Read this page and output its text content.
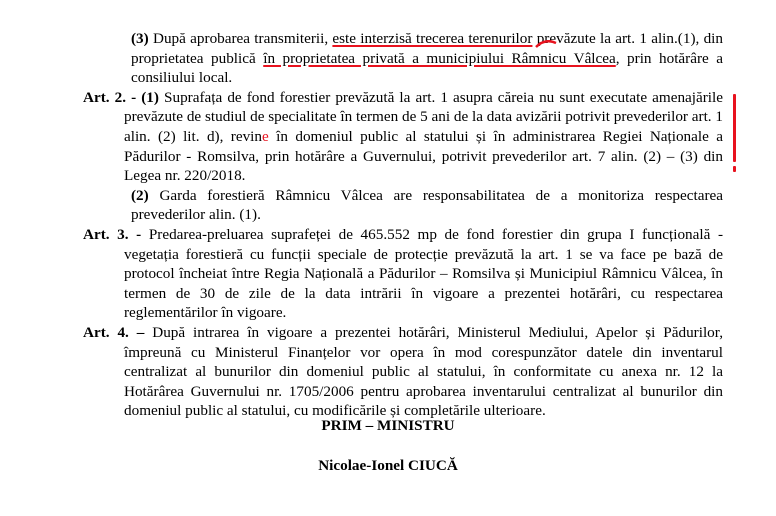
(3) După aprobarea transmiterii, este interzisă trecerea terenurilor prevăzute la art. 1 alin.(1), din proprietatea publică în proprietatea privată a municipiului Râmnicu Vâlcea, prin hotărâre a consiliului local.

Art. 2. - (1) Suprafața de fond forestier prevăzută la art. 1 asupra căreia nu sunt executate amenajările prevăzute de studiul de specialitate în termen de 5 ani de la data avizării potrivit prevederilor art. 1 alin. (2) lit. d), revine în domeniul public al statului și în administrarea Regiei Naționale a Pădurilor - Romsilva, prin hotărâre a Guvernului, potrivit prevederilor art. 7 alin. (2) – (3) din Legea nr. 220/2018.

(2) Garda forestieră Râmnicu Vâlcea are responsabilitatea de a monitoriza respectarea prevederilor alin. (1).

Art. 3. - Predarea-preluarea suprafeței de 465.552 mp de fond forestier din grupa I funcțională - vegetația forestieră cu funcții speciale de protecție prevăzută la art. 1 se va face pe bază de protocol încheiat între Regia Națională a Pădurilor – Romsilva și Municipiul Râmnicu Vâlcea, în termen de 30 de zile de la data intrării în vigoare a prezentei hotărâri, cu respectarea reglementărilor în vigoare.

Art. 4. – După intrarea în vigoare a prezentei hotărâri, Ministerul Mediului, Apelor și Pădurilor, împreună cu Ministerul Finanțelor vor opera în mod corespunzător datele din inventarul centralizat al bunurilor din domeniul public al statului, în conformitate cu anexa nr. 12 la Hotărârea Guvernului nr. 1705/2006 pentru aprobarea inventarului centralizat al bunurilor din domeniul public al statului, cu modificările și completările ulterioare.

PRIM – MINISTRU
Nicolae-Ionel CIUCĂ
